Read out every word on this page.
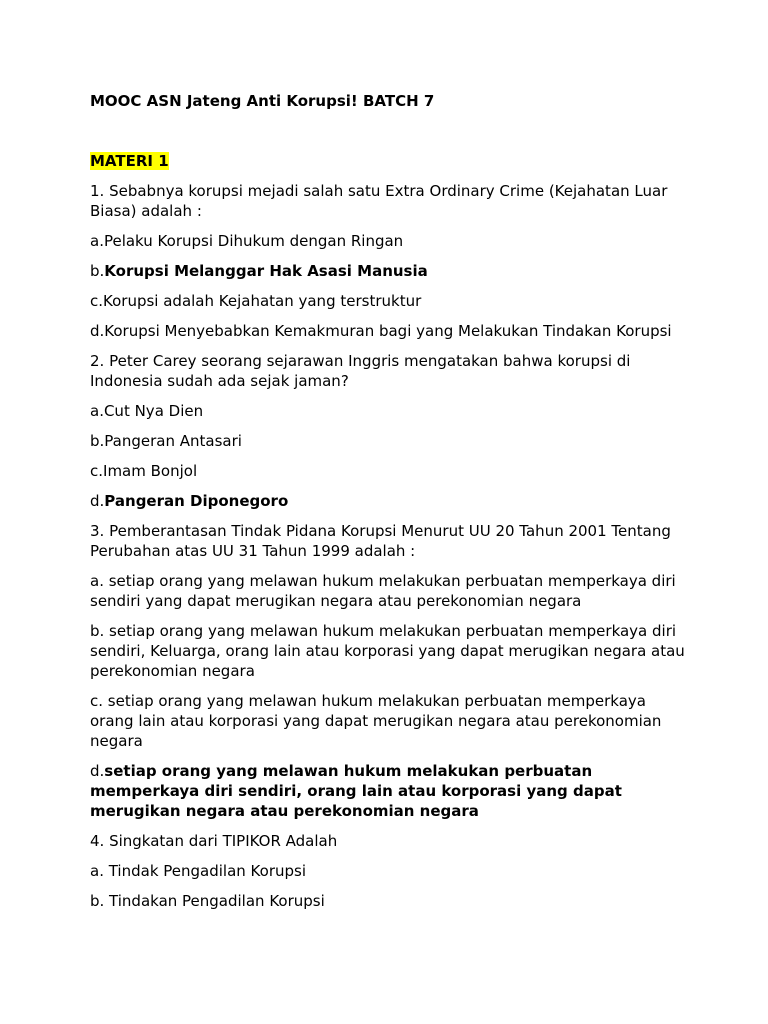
MOOC ASN Jateng Anti Korupsi! BATCH 7

MATERI 1

1. Sebabnya korupsi mejadi salah satu Extra Ordinary Crime (Kejahatan Luar Biasa) adalah :

a.Pelaku Korupsi Dihukum dengan Ringan

b.Korupsi Melanggar Hak Asasi Manusia

c.Korupsi adalah Kejahatan yang terstruktur

d.Korupsi Menyebabkan Kemakmuran bagi yang Melakukan Tindakan Korupsi

2. Peter Carey seorang sejarawan Inggris mengatakan bahwa korupsi di Indonesia sudah ada sejak jaman?

a.Cut Nya Dien

b.Pangeran Antasari

c.Imam Bonjol

d.Pangeran Diponegoro

3. Pemberantasan Tindak Pidana Korupsi Menurut UU 20 Tahun 2001 Tentang Perubahan atas UU 31 Tahun 1999 adalah :

a. setiap orang yang melawan hukum melakukan perbuatan memperkaya diri sendiri yang dapat merugikan negara atau perekonomian negara

b. setiap orang yang melawan hukum melakukan perbuatan memperkaya diri sendiri, Keluarga, orang lain atau korporasi yang dapat merugikan negara atau perekonomian negara

c. setiap orang yang melawan hukum melakukan perbuatan memperkaya orang lain atau korporasi yang dapat merugikan negara atau perekonomian negara

d.setiap orang yang melawan hukum melakukan perbuatan memperkaya diri sendiri, orang lain atau korporasi yang dapat merugikan negara atau perekonomian negara

4. Singkatan dari TIPIKOR Adalah

a. Tindak Pengadilan Korupsi

b. Tindakan Pengadilan Korupsi
